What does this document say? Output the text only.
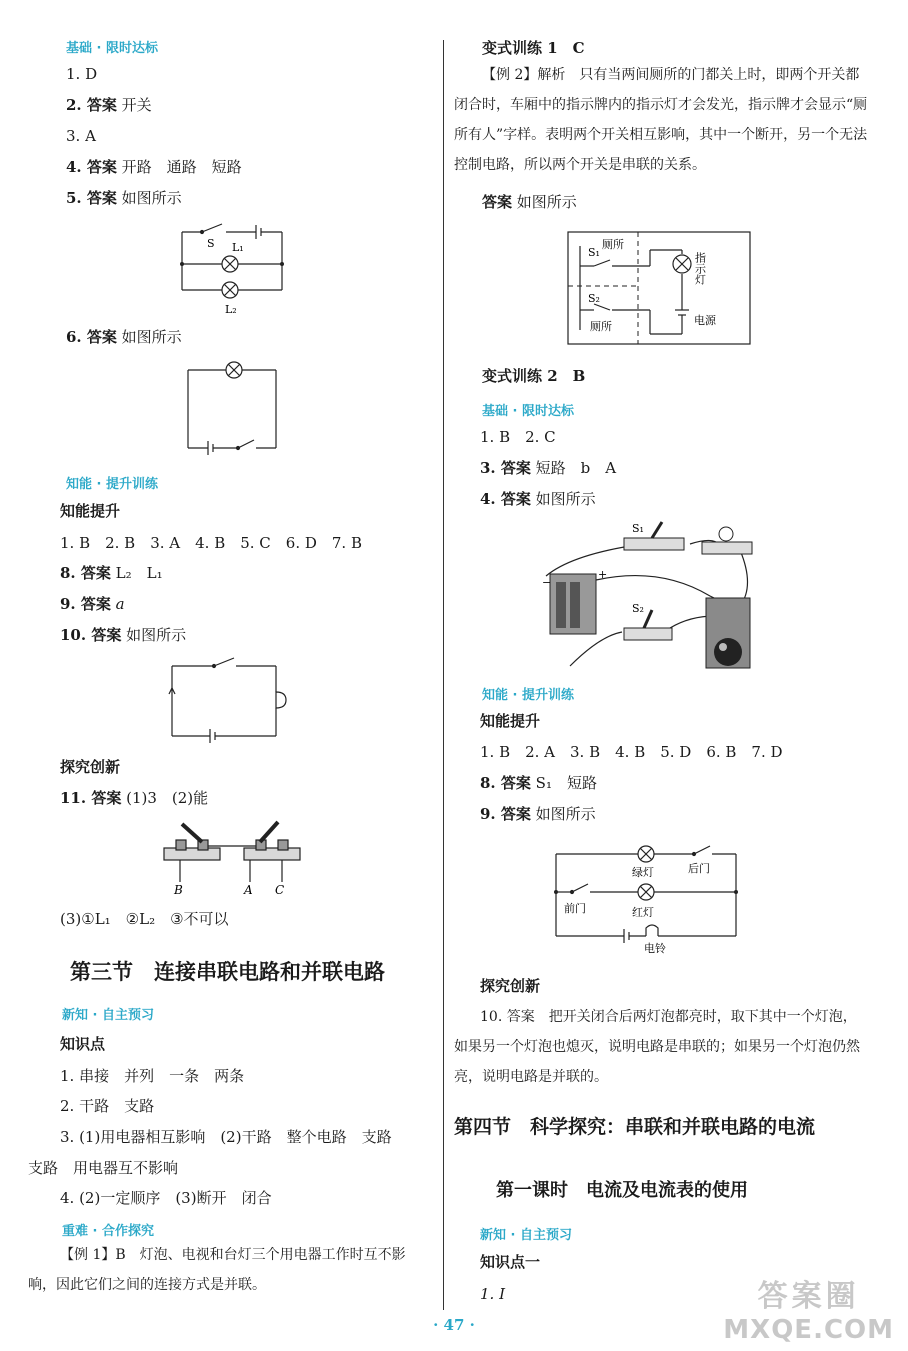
基础 · 限时达标
1. D
2. 答案 开关
3. A
4. 答案 开路　通路　短路
5. 答案 如图所示
S L₁
L₂
6. 答案 如图所示
知能 · 提升训练
知能提升
1. B　2. B　3. A　4. B　5. C　6. D　7. B
8. 答案 L₂　L₁
9. 答案 a
10. 答案 如图所示
探究创新
11. 答案 (1)3　(2)能
B	A C
(3)①L₁　②L₂　③不可以
第三节　连接串联电路和并联电路
新知 · 自主预习
知识点
1. 串接　并列　一条　两条
2. 干路　支路
3. (1)用电器相互影响　(2)干路　整个电路　支路
支路　用电器互不影响
4. (2)一定顺序　(3)断开　闭合
重难 · 合作探究
【例 1】B　灯泡、电视和台灯三个用电器工作时互不影响，因此它们之间的连接方式是并联。
变式训练 1　C
【例 2】解析　只有当两间厕所的门都关上时，即两个开关都闭合时，车厢中的指示牌内的指示灯才会发光，指示牌才会显示“厕所有人”字样。表明两个开关相互影响，其中一个断开，另一个无法控制电路，所以两个开关是串联的关系。
答案 如图所示
S₁
厕所
S₂
厕所
指示灯
电源
变式训练 2　B
基础 · 限时达标
1. B　2. C
3. 答案 短路　b　A
4. 答案 如图所示
S₁
S₂
−
+
知能 · 提升训练
知能提升
1. B　2. A　3. B　4. B　5. D　6. B　7. D
8. 答案 S₁　短路
9. 答案 如图所示
绿灯	后门
前门	红灯
电铃
探究创新
10. 答案　把开关闭合后两灯泡都亮时，取下其中一个灯泡，如果另一个灯泡也熄灭，说明电路是串联的；如果另一个灯泡仍然亮，说明电路是并联的。
第四节　科学探究：串联和并联电路的电流
第一课时　电流及电流表的使用
新知 · 自主预习
知识点一
1. I
· 47 ·
答案圈
MXQE.COM
